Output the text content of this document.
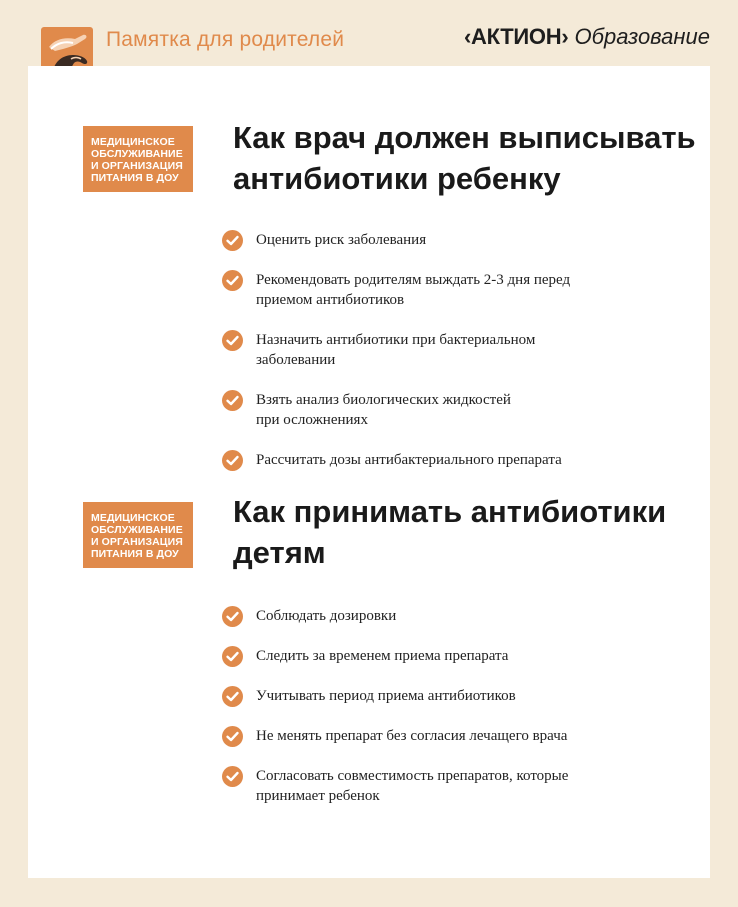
Памятка для родителей	‹АКТИОН› Образование
МЕДИЦИНСКОЕ
ОБСЛУЖИВАНИЕ
И ОРГАНИЗАЦИЯ
ПИТАНИЯ В ДОУ
Как врач должен выписывать антибиотики ребенку
Оценить риск заболевания
Рекомендовать родителям выждать 2-3 дня перед
приемом антибиотиков
Назначить антибиотики при бактериальном
заболевании
Взять анализ биологических жидкостей
при осложнениях
Рассчитать дозы антибактериального препарата
МЕДИЦИНСКОЕ
ОБСЛУЖИВАНИЕ
И ОРГАНИЗАЦИЯ
ПИТАНИЯ В ДОУ
Как принимать антибиотики детям
Соблюдать дозировки
Следить за временем приема препарата
Учитывать период приема антибиотиков
Не менять препарат без согласия лечащего врача
Согласовать совместимость препаратов, которые
принимает ребенок
